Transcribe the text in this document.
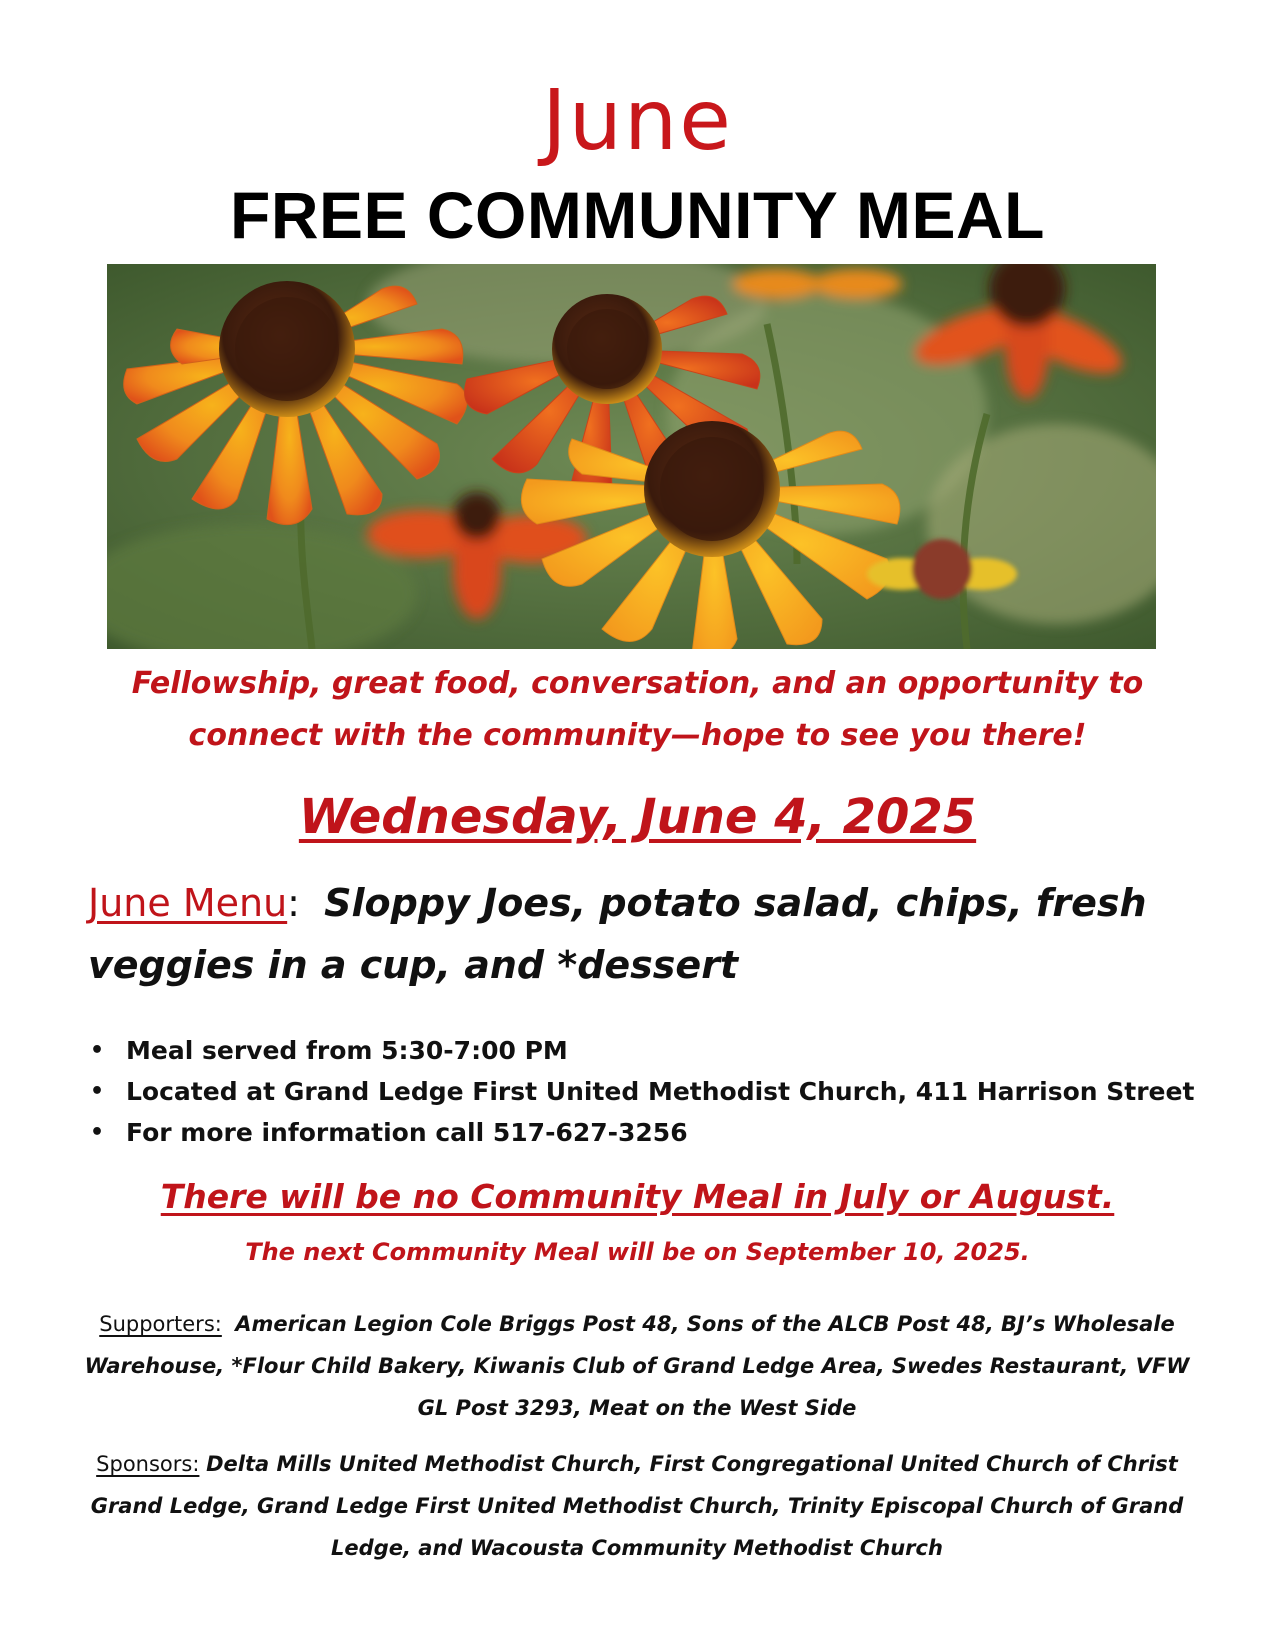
June
FREE COMMUNITY MEAL
Fellowship, great food, conversation, and an opportunity to
connect with the community—hope to see you there!
Wednesday, June 4, 2025
June Menu: Sloppy Joes, potato salad, chips, fresh veggies in a cup, and *dessert
• Meal served from 5:30-7:00 PM
• Located at Grand Ledge First United Methodist Church, 411 Harrison Street
• For more information call 517-627-3256
There will be no Community Meal in July or August.
The next Community Meal will be on September 10, 2025.
Supporters: American Legion Cole Briggs Post 48, Sons of the ALCB Post 48, BJ’s Wholesale Warehouse, *Flour Child Bakery, Kiwanis Club of Grand Ledge Area, Swedes Restaurant, VFW GL Post 3293, Meat on the West Side
Sponsors: Delta Mills United Methodist Church, First Congregational United Church of Christ Grand Ledge, Grand Ledge First United Methodist Church, Trinity Episcopal Church of Grand Ledge, and Wacousta Community Methodist Church
